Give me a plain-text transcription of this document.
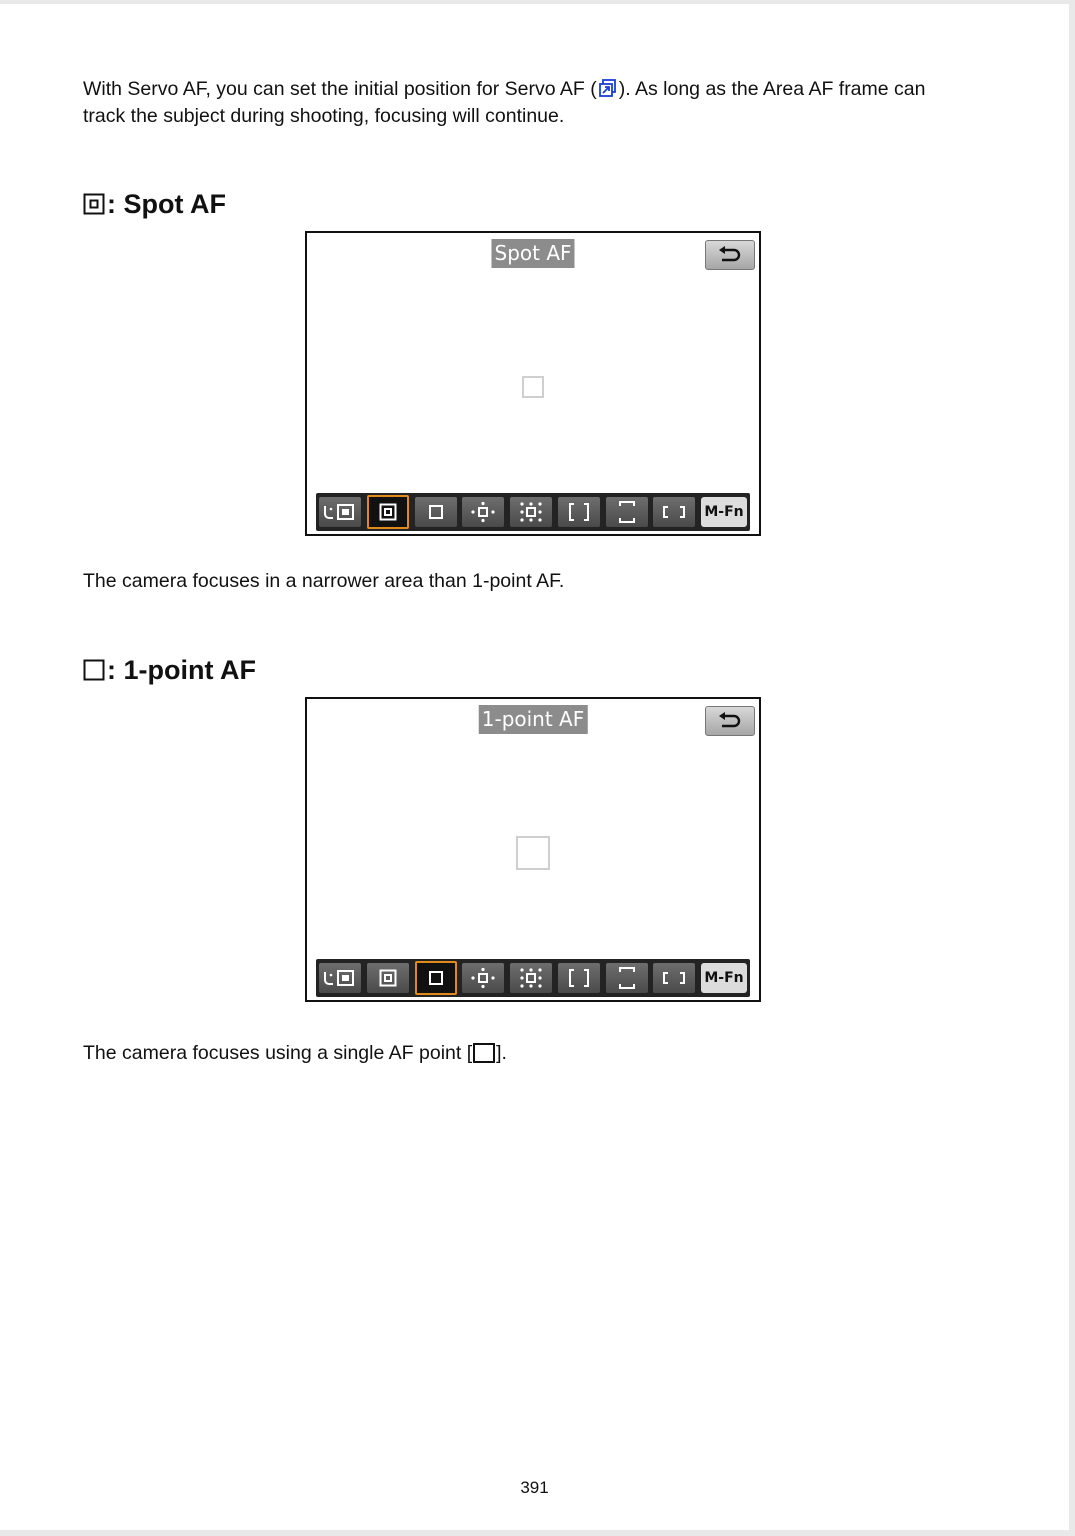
With Servo AF, you can set the initial position for Servo AF ( ). As long as the Area AF frame can track the subject during shooting, focusing will continue.

: Spot AF
Spot AF
M-Fn

The camera focuses in a narrower area than 1-point AF.

: 1-point AF
1-point AF
M-Fn

The camera focuses using a single AF point [ ].

391
